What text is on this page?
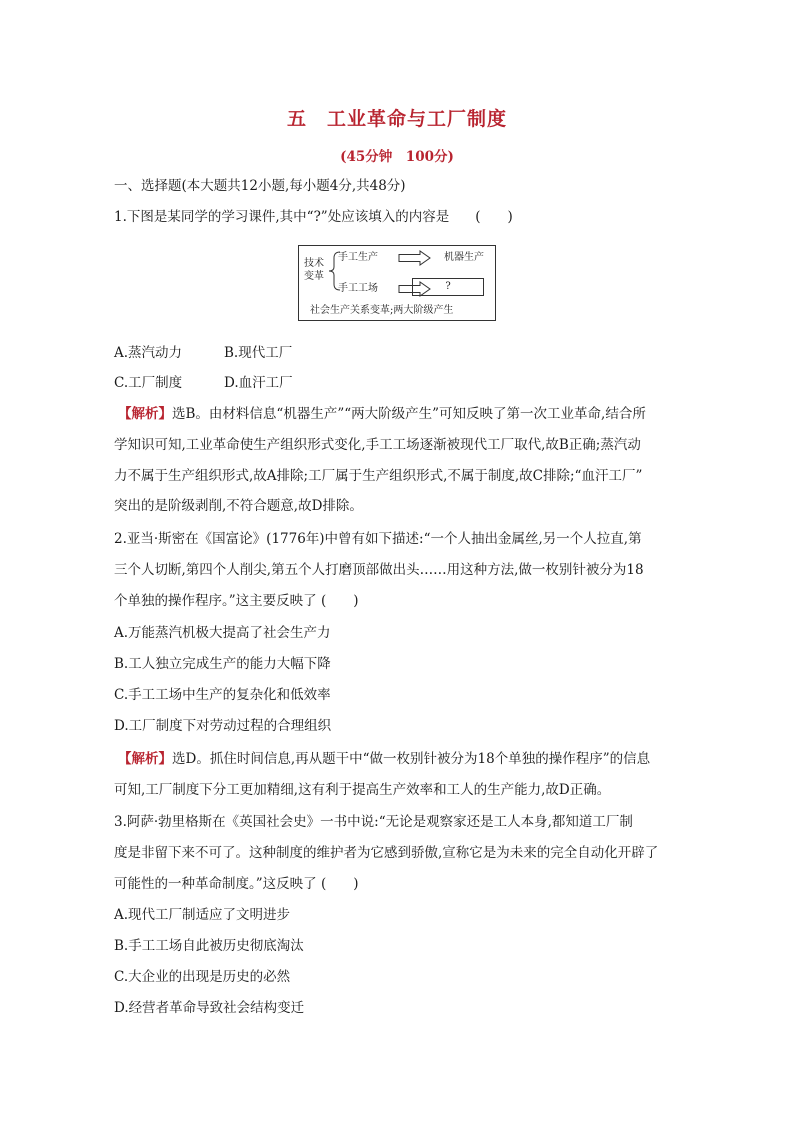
五　工业革命与工厂制度
(45分钟　100分)
一、选择题(本大题共12小题,每小题4分,共48分)
1.下图是某同学的学习课件,其中“?”处应该填入的内容是 (　　)
技术
变革
手工生产	机器生产
手工工场	?
社会生产关系变革;两大阶级产生
A.蒸汽动力	B.现代工厂
C.工厂制度	D.血汗工厂
【解析】选B。由材料信息“机器生产”“两大阶级产生”可知反映了第一次工业革命,结合所
学知识可知,工业革命使生产组织形式变化,手工工场逐渐被现代工厂取代,故B正确;蒸汽动
力不属于生产组织形式,故A排除;工厂属于生产组织形式,不属于制度,故C排除;“血汗工厂”
突出的是阶级剥削,不符合题意,故D排除。
2.亚当·斯密在《国富论》(1776年)中曾有如下描述:“一个人抽出金属丝,另一个人拉直,第
三个人切断,第四个人削尖,第五个人打磨顶部做出头……用这种方法,做一枚别针被分为18
个单独的操作程序。”这主要反映了 (　　)
A.万能蒸汽机极大提高了社会生产力
B.工人独立完成生产的能力大幅下降
C.手工工场中生产的复杂化和低效率
D.工厂制度下对劳动过程的合理组织
【解析】选D。抓住时间信息,再从题干中“做一枚别针被分为18个单独的操作程序”的信息
可知,工厂制度下分工更加精细,这有利于提高生产效率和工人的生产能力,故D正确。
3.阿萨·勃里格斯在《英国社会史》一书中说:“无论是观察家还是工人本身,都知道工厂制
度是非留下来不可了。这种制度的维护者为它感到骄傲,宣称它是为未来的完全自动化开辟了
可能性的一种革命制度。”这反映了 (　　)
A.现代工厂制适应了文明进步
B.手工工场自此被历史彻底淘汰
C.大企业的出现是历史的必然
D.经营者革命导致社会结构变迁
